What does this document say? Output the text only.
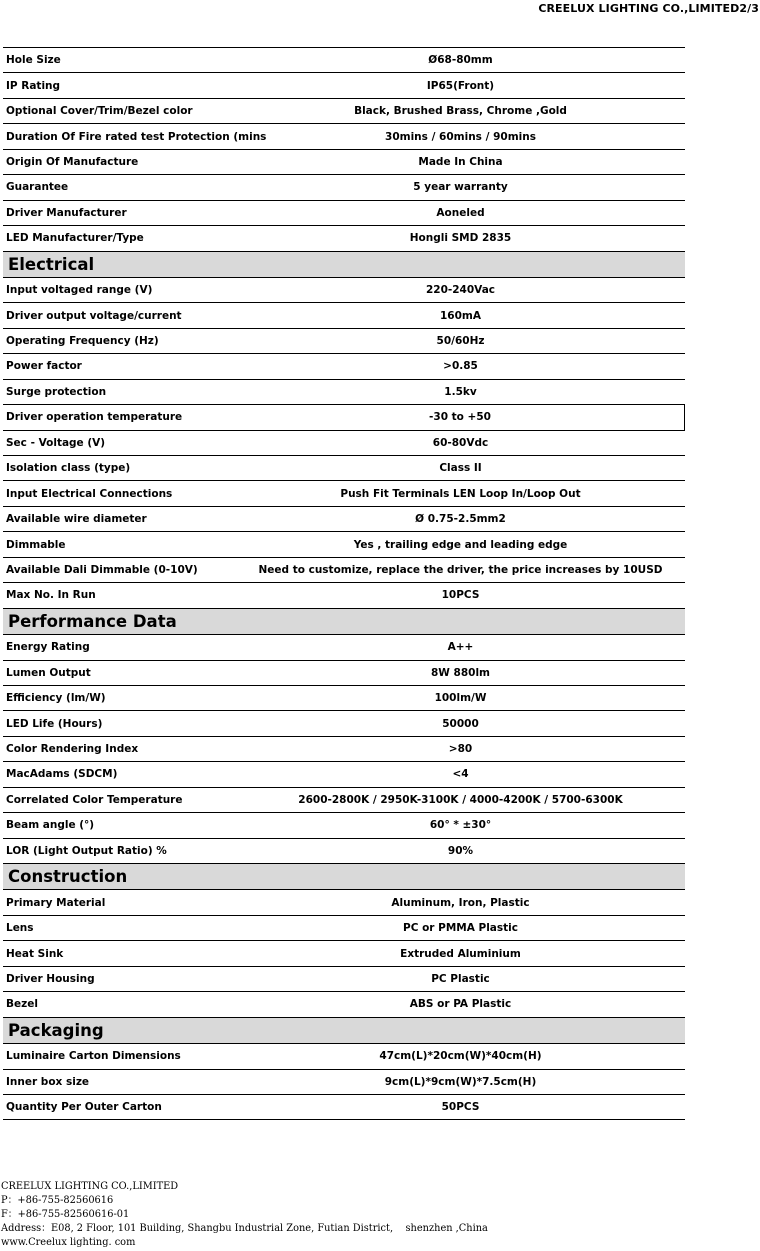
CREELUX LIGHTING CO.,LIMITED2/3
Hole Size	Ø68-80mm
IP Rating	IP65(Front)
Optional Cover/Trim/Bezel color	Black, Brushed Brass, Chrome ,Gold
Duration Of Fire rated test Protection (mins	30mins / 60mins / 90mins
Origin Of Manufacture	Made In China
Guarantee	5 year warranty
Driver Manufacturer	Aoneled
LED Manufacturer/Type	Hongli SMD 2835
Electrical
Input voltaged range (V)	220-240Vac
Driver output voltage/current	160mA
Operating Frequency (Hz)	50/60Hz
Power factor	>0.85
Surge protection	1.5kv
Driver operation temperature	-30 to +50
Sec - Voltage (V)	60-80Vdc
Isolation class (type)	Class II
Input Electrical Connections	Push Fit Terminals LEN Loop In/Loop Out
Available wire diameter	Ø 0.75-2.5mm2
Dimmable	Yes , trailing edge and leading edge
Available Dali Dimmable (0-10V)	Need to customize, replace the driver, the price increases by 10USD
Max No. In Run	10PCS
Performance Data
Energy Rating	A++
Lumen Output	8W 880lm
Efficiency (lm/W)	100lm/W
LED Life (Hours)	50000
Color Rendering Index	>80
MacAdams (SDCM)	<4
Correlated Color Temperature	2600-2800K / 2950K-3100K / 4000-4200K / 5700-6300K
Beam angle (°)	60° * ±30°
LOR (Light Output Ratio) %	90%
Construction
Primary Material	Aluminum, Iron, Plastic
Lens	PC or PMMA Plastic
Heat Sink	Extruded Aluminium
Driver Housing	PC Plastic
Bezel	ABS or PA Plastic
Packaging
Luminaire Carton Dimensions	47cm(L)*20cm(W)*40cm(H)
Inner box size	9cm(L)*9cm(W)*7.5cm(H)
Quantity Per Outer Carton	50PCS
CREELUX LIGHTING CO.,LIMITED
P：+86-755-82560616
F：+86-755-82560616-01
Address：E08, 2 Floor, 101 Building, Shangbu Industrial Zone, Futian District,    shenzhen ,China
www.Creelux lighting. com
